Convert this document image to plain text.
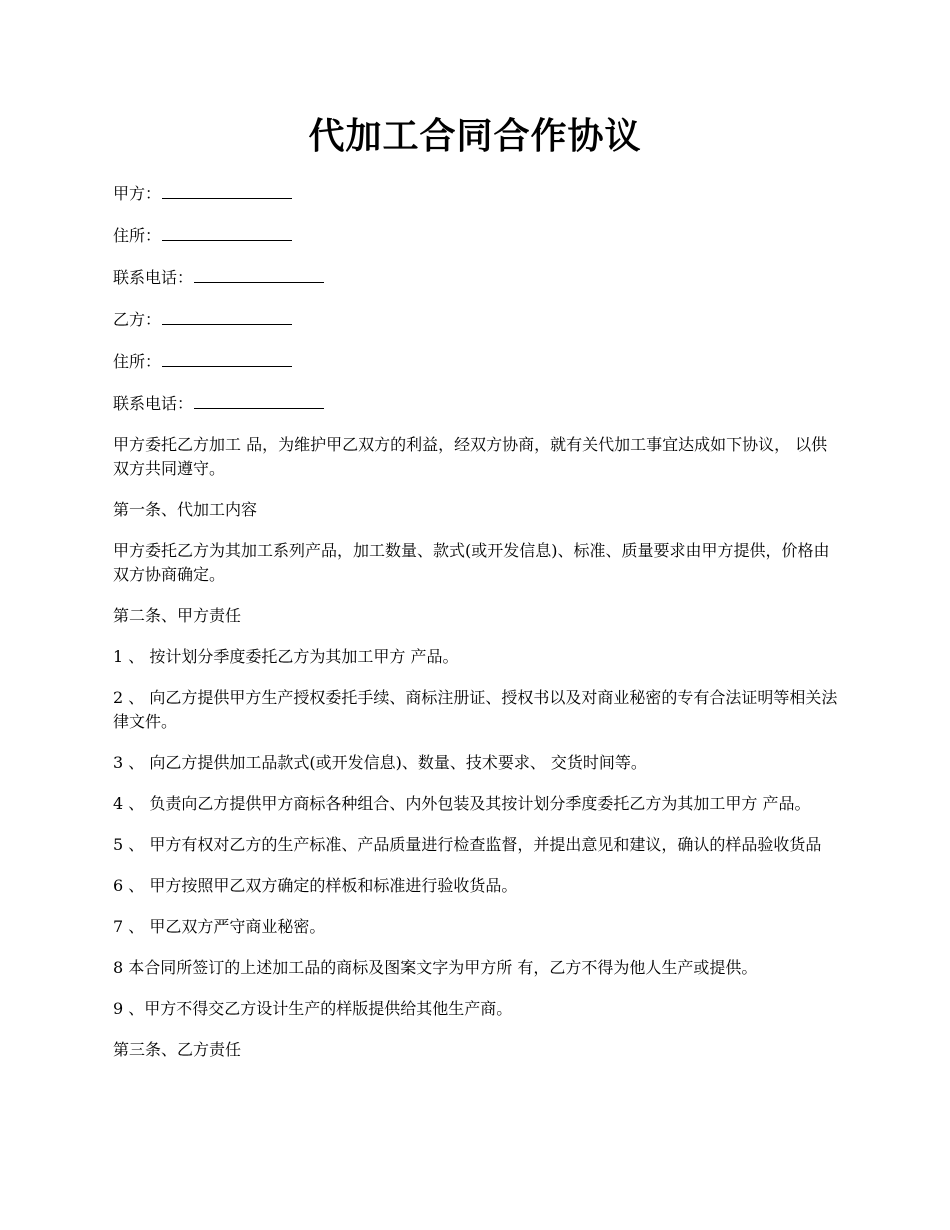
代加工合同合作协议

甲方：

住所：

联系电话：

乙方：

住所：

联系电话：

甲方委托乙方加工 品，为维护甲乙双方的利益，经双方协商，就有关代加工事宜达成如下协议， 以供双方共同遵守。

第一条、代加工内容

甲方委托乙方为其加工系列产品，加工数量、款式(或开发信息)、标准、质量要求由甲方提供，价格由双方协商确定。

第二条、甲方责任

1 、 按计划分季度委托乙方为其加工甲方 产品。

2 、 向乙方提供甲方生产授权委托手续、商标注册证、授权书以及对商业秘密的专有合法证明等相关法律文件。

3 、 向乙方提供加工品款式(或开发信息)、数量、技术要求、 交货时间等。

4 、 负责向乙方提供甲方商标各种组合、内外包装及其按计划分季度委托乙方为其加工甲方 产品。

5 、 甲方有权对乙方的生产标准、产品质量进行检查监督，并提出意见和建议，确认的样品验收货品

6 、 甲方按照甲乙双方确定的样板和标准进行验收货品。

7 、 甲乙双方严守商业秘密。

8 本合同所签订的上述加工品的商标及图案文字为甲方所 有，乙方不得为他人生产或提供。

9 、甲方不得交乙方设计生产的样版提供给其他生产商。

第三条、乙方责任
